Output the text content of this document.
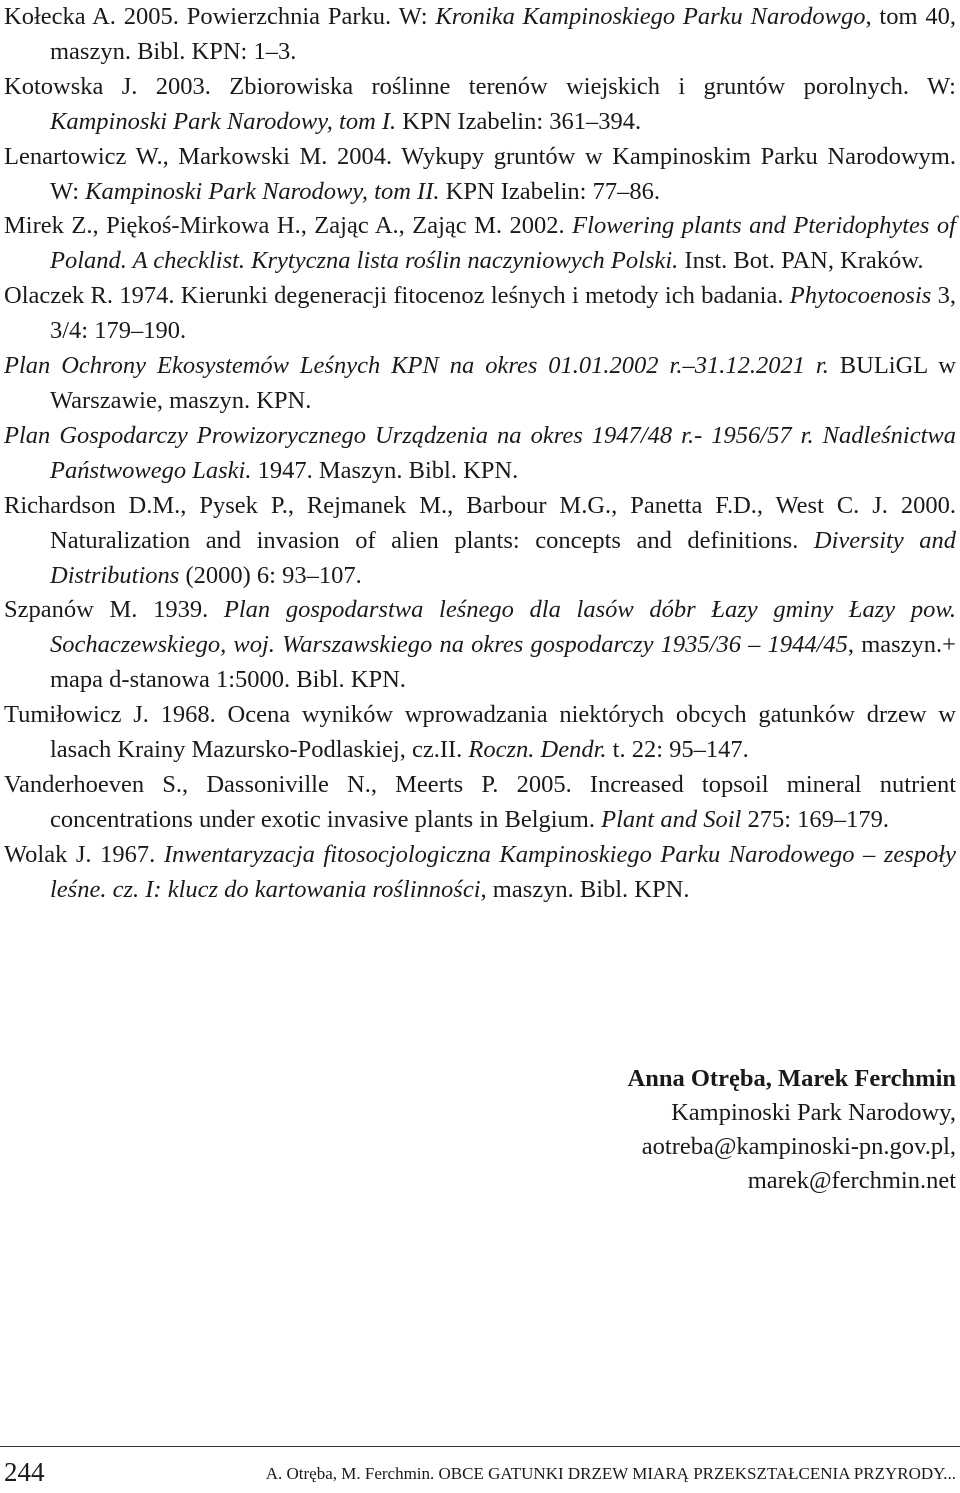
Kołecka A. 2005. Powierzchnia Parku. W: Kronika Kampinoskiego Parku Narodowgo, tom 40, maszyn. Bibl. KPN: 1–3.

Kotowska J. 2003. Zbiorowiska roślinne terenów wiejskich i gruntów porolnych. W: Kampinoski Park Narodowy, tom I. KPN Izabelin: 361–394.

Lenartowicz W., Markowski M. 2004. Wykupy gruntów w Kampinoskim Parku Narodowym. W: Kampinoski Park Narodowy, tom II. KPN Izabelin: 77–86.

Mirek Z., Piękoś-Mirkowa H., Zając A., Zając M. 2002. Flowering plants and Pteridophytes of Poland. A checklist. Krytyczna lista roślin naczyniowych Polski. Inst. Bot. PAN, Kraków.

Olaczek R. 1974. Kierunki degeneracji fitocenoz leśnych i metody ich badania. Phytocoenosis 3, 3/4: 179–190.

Plan Ochrony Ekosystemów Leśnych KPN na okres 01.01.2002 r.–31.12.2021 r. BULiGL w Warszawie, maszyn. KPN.

Plan Gospodarczy Prowizorycznego Urządzenia na okres 1947/48 r.- 1956/57 r. Nadleśnictwa Państwowego Laski. 1947. Maszyn. Bibl. KPN.

Richardson D.M., Pysek P., Rejmanek M., Barbour M.G., Panetta F.D., West C. J. 2000. Naturalization and invasion of alien plants: concepts and definitions. Diversity and Distributions (2000) 6: 93–107.

Szpanów M. 1939. Plan gospodarstwa leśnego dla lasów dóbr Łazy gminy Łazy pow. Sochaczewskiego, woj. Warszawskiego na okres gospodarczy 1935/36 – 1944/45, maszyn.+ mapa d-stanowa 1:5000. Bibl. KPN.

Tumiłowicz J. 1968. Ocena wyników wprowadzania niektórych obcych gatunków drzew w lasach Krainy Mazursko-Podlaskiej, cz.II. Roczn. Dendr. t. 22: 95–147.

Vanderhoeven S., Dassoniville N., Meerts P. 2005. Increased topsoil mineral nutrient concentrations under exotic invasive plants in Belgium. Plant and Soil 275: 169–179.

Wolak J. 1967. Inwentaryzacja fitosocjologiczna Kampinoskiego Parku Narodowego – zespoły leśne. cz. I: klucz do kartowania roślinności, maszyn. Bibl. KPN.

Anna Otręba, Marek Ferchmin
Kampinoski Park Narodowy,
aotreba@kampinoski-pn.gov.pl,
marek@ferchmin.net
244	A. Otręba, M. Ferchmin. OBCE GATUNKI DRZEW MIARĄ PRZEKSZTAŁCENIA PRZYRODY...
